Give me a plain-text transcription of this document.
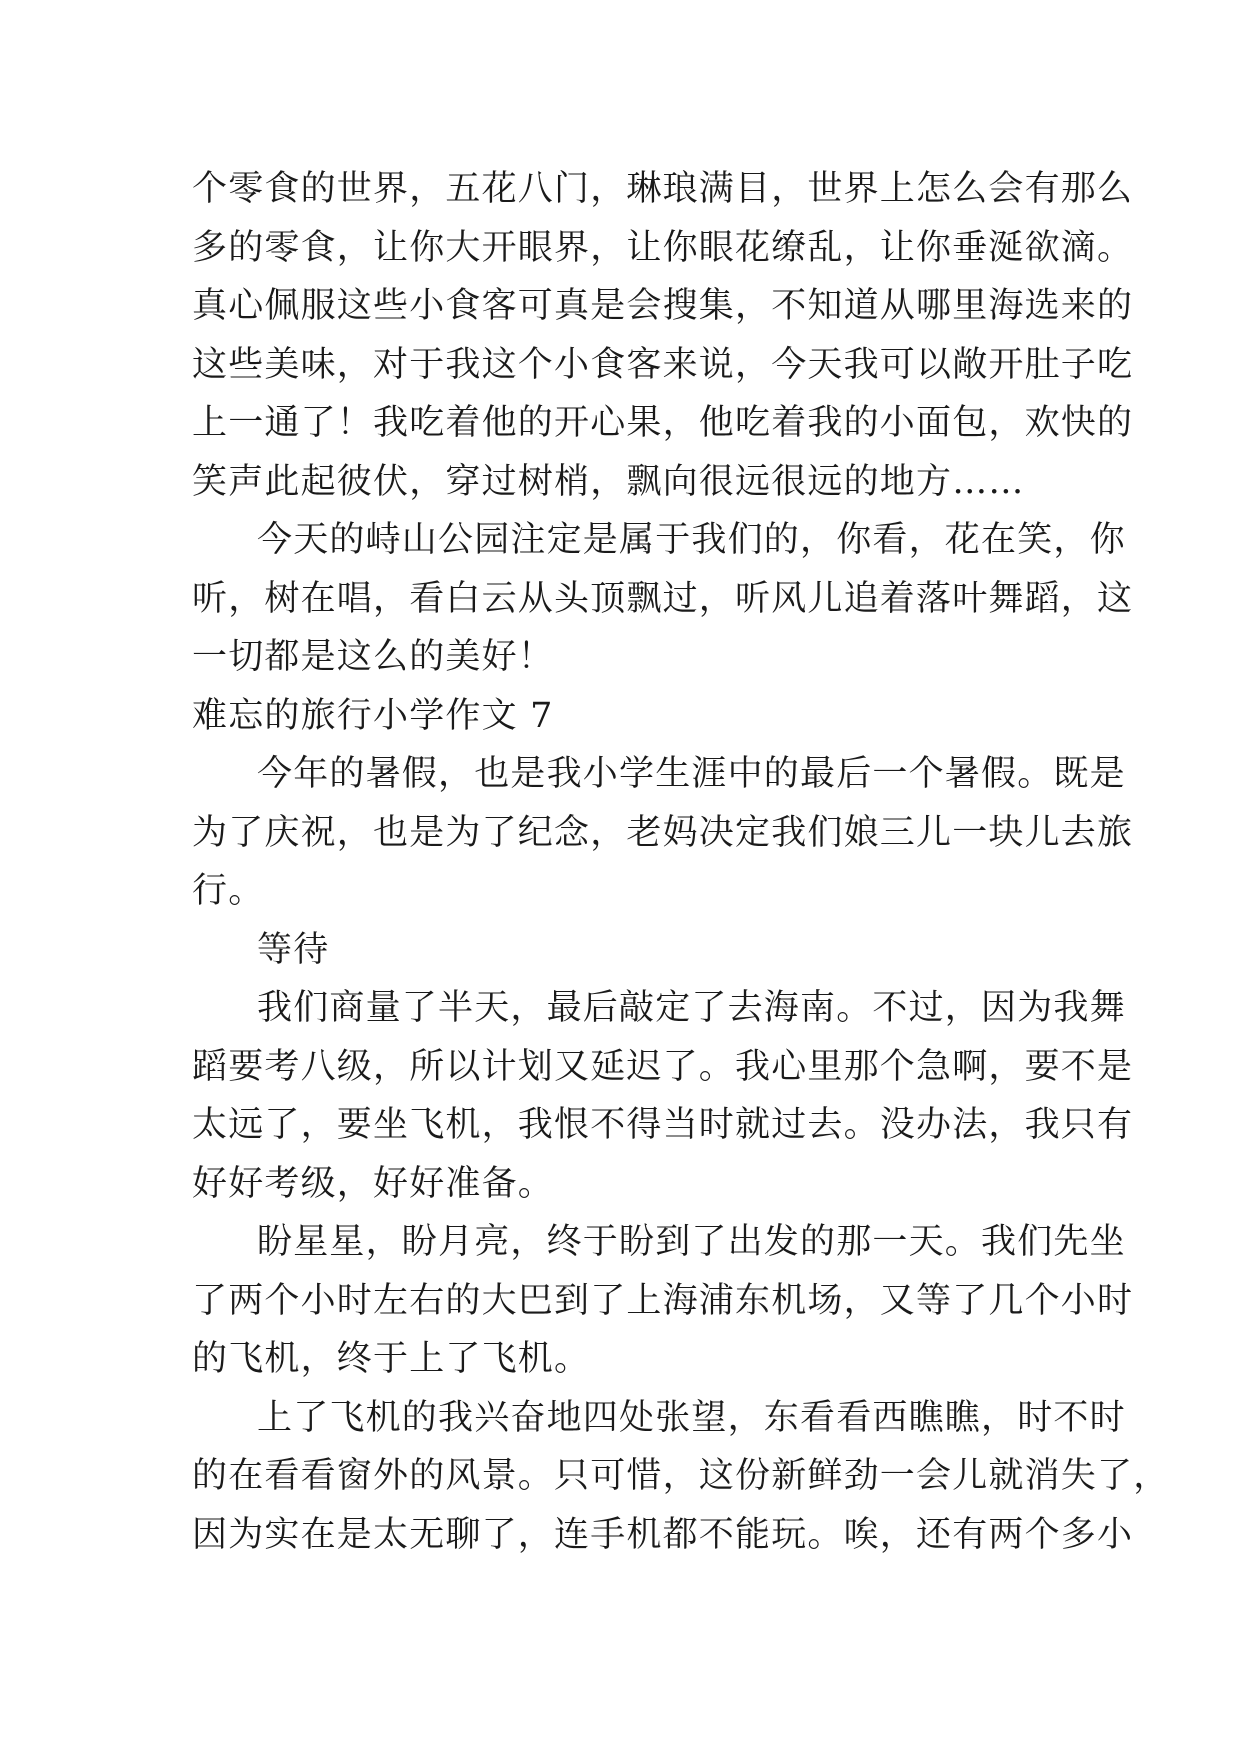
个零食的世界，五花八门，琳琅满目，世界上怎么会有那么
多的零食，让你大开眼界，让你眼花缭乱，让你垂涎欲滴。
真心佩服这些小食客可真是会搜集，不知道从哪里海选来的
这些美味，对于我这个小食客来说，今天我可以敞开肚子吃
上一通了！我吃着他的开心果，他吃着我的小面包，欢快的
笑声此起彼伏，穿过树梢，飘向很远很远的地方……
今天的峙山公园注定是属于我们的，你看，花在笑，你
听，树在唱，看白云从头顶飘过，听风儿追着落叶舞蹈，这
一切都是这么的美好！
难忘的旅行小学作文 7
今年的暑假，也是我小学生涯中的最后一个暑假。既是
为了庆祝，也是为了纪念，老妈决定我们娘三儿一块儿去旅
行。
等待
我们商量了半天，最后敲定了去海南。不过，因为我舞
蹈要考八级，所以计划又延迟了。我心里那个急啊，要不是
太远了，要坐飞机，我恨不得当时就过去。没办法，我只有
好好考级，好好准备。
盼星星，盼月亮，终于盼到了出发的那一天。我们先坐
了两个小时左右的大巴到了上海浦东机场，又等了几个小时
的飞机，终于上了飞机。
上了飞机的我兴奋地四处张望，东看看西瞧瞧，时不时
的在看看窗外的风景。只可惜，这份新鲜劲一会儿就消失了，
因为实在是太无聊了，连手机都不能玩。唉，还有两个多小
